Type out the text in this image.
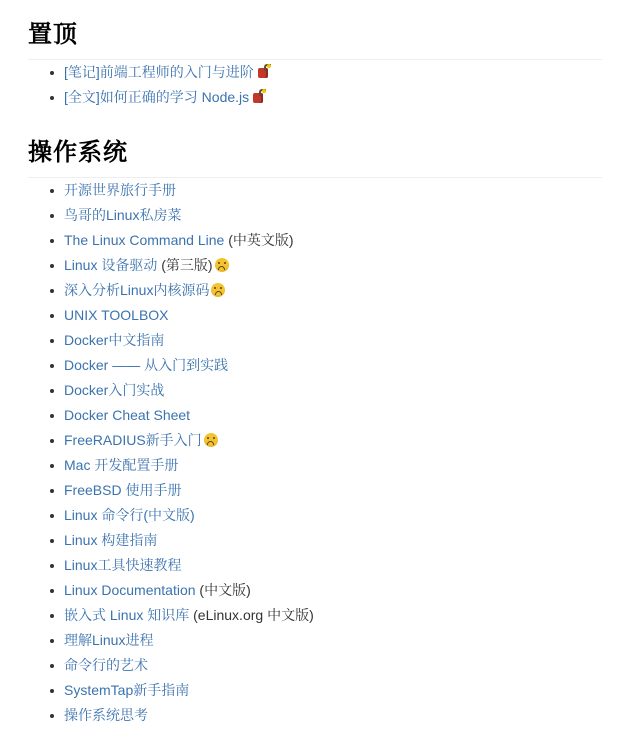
置顶
[笔记]前端工程师的入门与进阶
[全文]如何正确的学习 Node.js
操作系统
开源世界旅行手册
鸟哥的Linux私房菜
The Linux Command Line (中英文版)
Linux 设备驱动 (第三版)
深入分析Linux内核源码
UNIX TOOLBOX
Docker中文指南
Docker —— 从入门到实践
Docker入门实战
Docker Cheat Sheet
FreeRADIUS新手入门
Mac 开发配置手册
FreeBSD 使用手册
Linux 命令行(中文版)
Linux 构建指南
Linux工具快速教程
Linux Documentation (中文版)
嵌入式 Linux 知识库 (eLinux.org 中文版)
理解Linux进程
命令行的艺术
SystemTap新手指南
操作系统思考
